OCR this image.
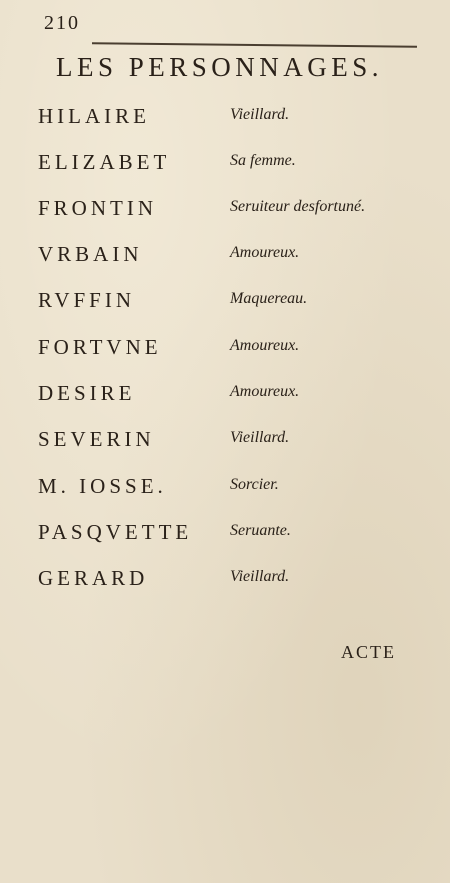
210
LES PERSONNAGES.
HILAIRE	Vieillard.
ELIZABET	Sa femme.
FRONTIN	Seruiteur desfortuné.
VRBAIN	Amoureux.
RVFFIN	Maquereau.
FORTVNE	Amoureux.
DESIRE	Amoureux.
SEVERIN	Vieillard.
M. IOSSE.	Sorcier.
PASQVETTE Seruante.
GERARD	Vieillard.
ACTE
